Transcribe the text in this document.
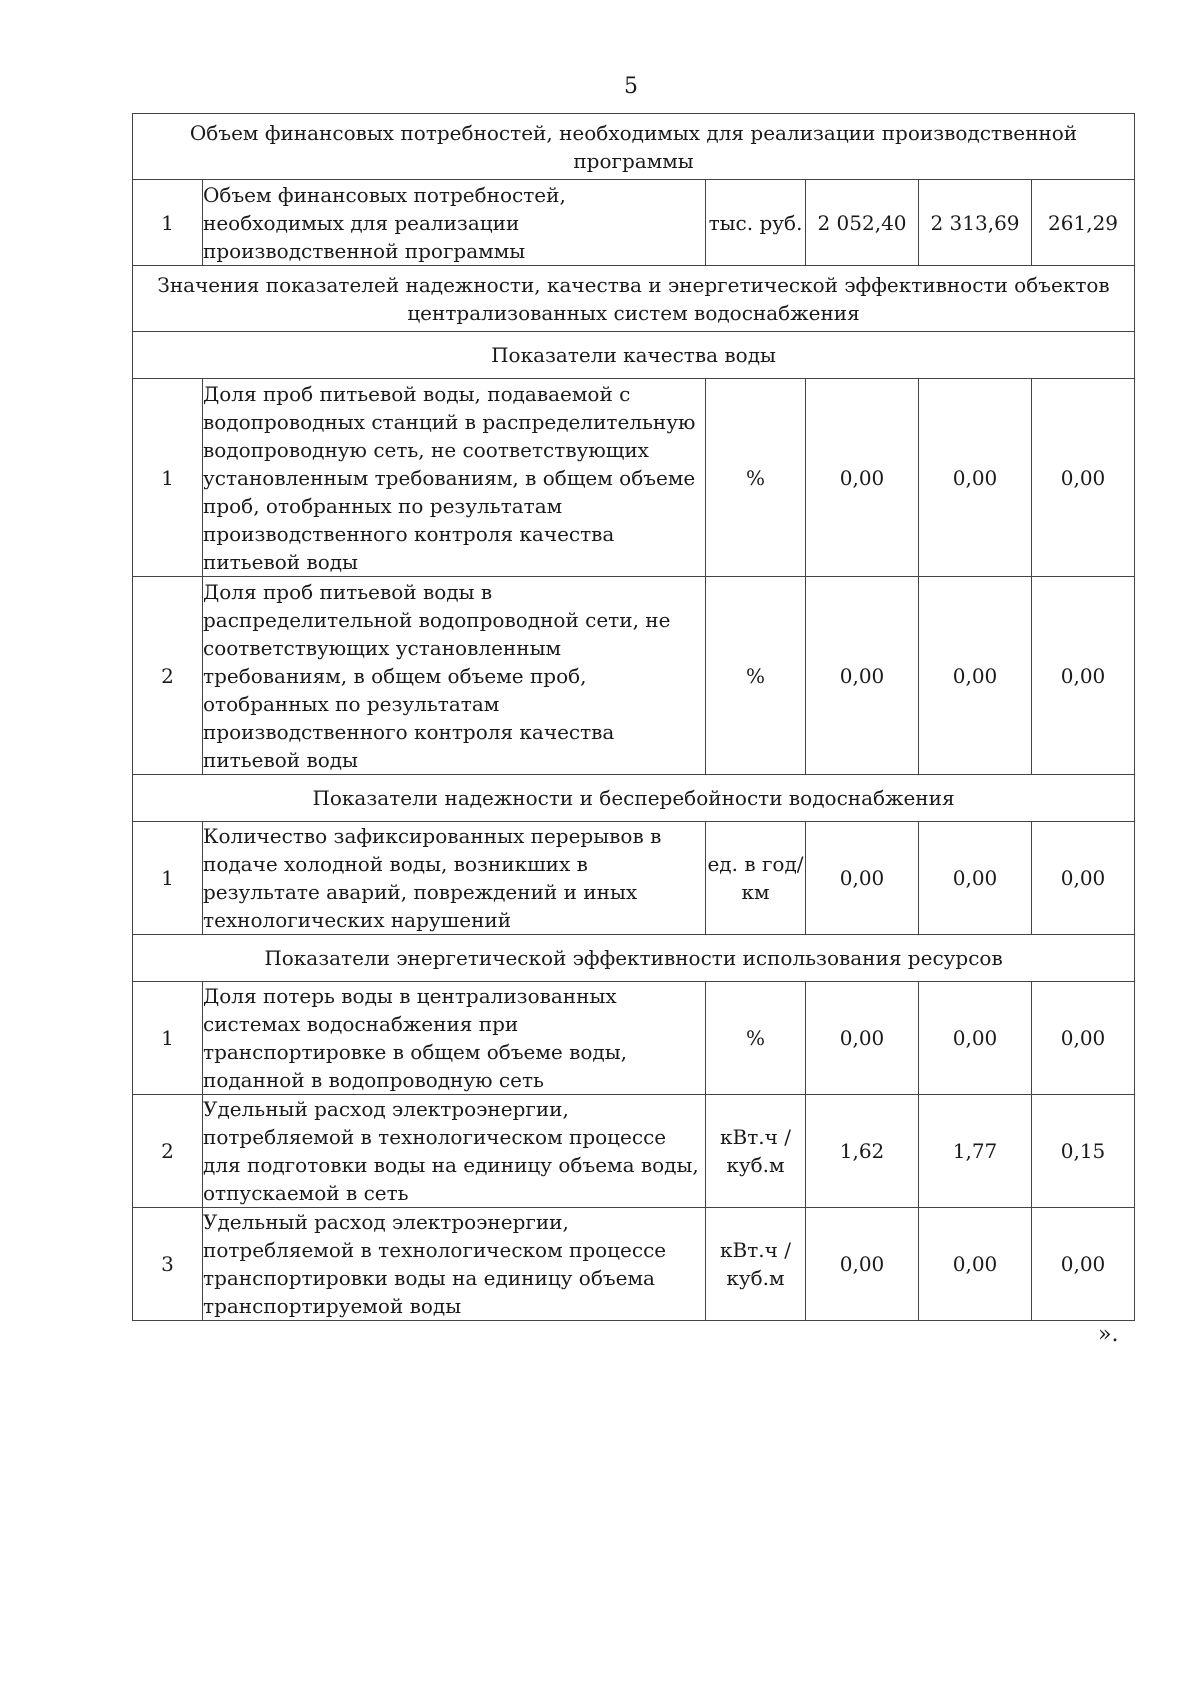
5
Объем финансовых потребностей, необходимых для реализации производственной программы					
1	Объем финансовых потребностей, необходимых для реализации производственной программы	тыс. руб.	2 052,40	2 313,69	261,29
Значения показателей надежности, качества и энергетической эффективности объектов централизованных систем водоснабжения					
Показатели качества воды					
1	Доля проб питьевой воды, подаваемой с водопроводных станций в распределительную водопроводную сеть, не соответствующих установленным требованиям, в общем объеме проб, отобранных по результатам производственного контроля качества питьевой воды	%	0,00	0,00	0,00
2	Доля проб питьевой воды в распределительной водопроводной сети, не соответствующих установленным требованиям, в общем объеме проб, отобранных по результатам производственного контроля качества питьевой воды	%	0,00	0,00	0,00
Показатели надежности и бесперебойности водоснабжения					
1	Количество зафиксированных перерывов в подаче холодной воды, возникших в результате аварий, повреждений и иных технологических нарушений	ед. в год/ км	0,00	0,00	0,00
Показатели энергетической эффективности использования ресурсов					
1	Доля потерь воды в централизованных системах водоснабжения при транспортировке в общем объеме воды, поданной в водопроводную сеть	%	0,00	0,00	0,00
2	Удельный расход электроэнергии, потребляемой в технологическом процессе для подготовки воды на единицу объема воды, отпускаемой в сеть	кВт.ч / куб.м	1,62	1,77	0,15
3	Удельный расход электроэнергии, потребляемой в технологическом процессе транспортировки воды на единицу объема транспортируемой воды	кВт.ч / куб.м	0,00	0,00	0,00
».
